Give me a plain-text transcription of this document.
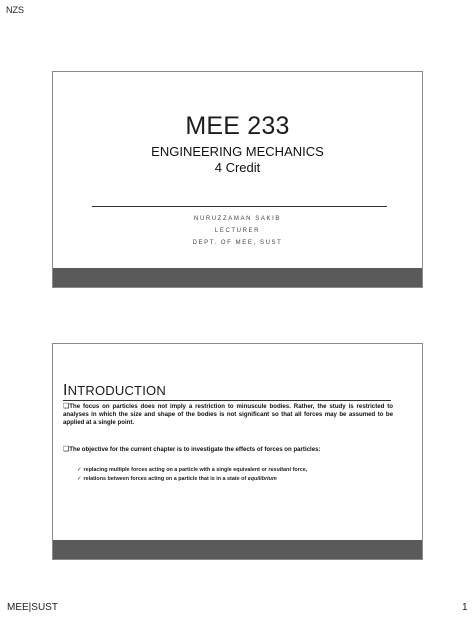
NZS
MEE 233
ENGINEERING MECHANICS
4 Credit
NURUZZAMAN SAKIB
LECTURER
DEPT. OF MEE, SUST
INTRODUCTION
❑The focus on particles does not imply a restriction to minuscule bodies. Rather, the study is restricted to analyses in which the size and shape of the bodies is not significant so that all forces may be assumed to be applied at a single point.
❑The objective for the current chapter is to investigate the effects of forces on particles:
✓ replacing multiple forces acting on a particle with a single equivalent or resultant force,
✓ relations between forces acting on a particle that is in a state of equilibrium
MEE|SUST	1
